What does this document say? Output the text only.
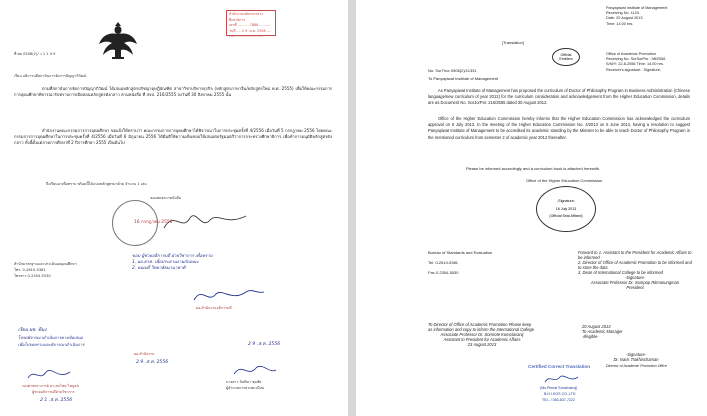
สำนักงานปลัดกระทรวงศึกษาธิการ
เลขที่ .......... 7886 ..........
วันที่ .... 2 9 .ส.ค. 2556 ....
เวลา ........................
ที่ ศธ 0506(2)/ ว 1 1 4 9
เรียน อธิการบดีสถาบันการจัดการปัญญาภิวัฒน์
ตามที่สถาบันการจัดการปัญญาภิวัฒน์ ได้เสนอหลักสูตรปรัชญาดุษฎีบัณฑิต สาขาวิชาบริหารธุรกิจ (หลักสูตรภาษาจีน/หลักสูตรใหม่ พ.ศ. 2555) เพื่อให้คณะกรรมการการอุดมศึกษาพิจารณารับทราบการเปิดสอนหลักสูตรดังกล่าว ตามหนังสือ ที่ สจป. 216/2555 ลงวันที่ 30 สิงหาคม 2555 นั้น
สำนักงานคณะกรรมการการอุดมศึกษา ขอแจ้งให้ทราบว่า คณะกรรมการการอุดมศึกษาได้พิจารณาในการประชุมครั้งที่ 4/2556 เมื่อวันที่ 5 กรกฎาคม 2556 โดยคณะกรรมการการอุดมศึกษาในการประชุมครั้งที่ 4/2556 เมื่อวันที่ 6 มิถุนายน 2556 ได้มีมติให้ความเห็นชอบให้เสนอต่อรัฐมนตรีว่าการกระทรวงศึกษาธิการ เพื่อทำการอนุมัติหลักสูตรดังกล่าว ทั้งนี้ตั้งแต่ภาคการศึกษาที่ 2 ปีการศึกษา 2555 เป็นต้นไป
จึงเรียนมาเพื่อทราบ พร้อมนี้ได้แนบหลักสูตรมาด้วย จำนวน 1 เล่ม
ขอแสดงความนับถือ
16 กรกฎาคม 2556
สำนักมาตรฐานและประเมินผลอุดมศึกษา
โทร. 0-2610-5381
โทรสาร 0-2354-5530
ขอบ ผู้ช่วยอธิการบดี ฝ่ายวิชาการ เพื่อทราบ
1. ผอ.สวท. เพื่อประสานงานกับคณะ
2. คณบดี วิทยาลัยนานาชาติ
ผอ.สำนักงานอธิการบดี
เรียน ผช. ทีมง
โปรดพิจารณาดำเนินการตามข้อเสนอ
เพื่อโปรดทราบและพิจารณาดำเนินการ
ผอ.สำนักงาน
2 9 .ส.ค. 2556
2 9 .ส.ค. 2556
รองศาสตราจารย์ ดร.สมโชค ไพบูลย์
ผู้ช่วยอธิการบดีฝ่ายวิชาการ
2 1 .ส.ค. 2556
นางสาว จันทิมา ชุมชัย
ผู้อำนวยการส่วนทะเบียน
Panyapiwat Institute of Management
Receiving No. 1124
Date: 20 August 2013
Time: 14.00 hrs.
[Translation]
Official
Emblem
Office of Academic Promotion
Receiving No. SorSorPor : 98/2556
S/M/Y: 22-8-2556 Time: 14.00 hrs.
Receiver's signature: -Signature-
No. SorThor 0506(2)/11331
To Panyapiwat Institute of Management
As Panyapiwat Institute of Management has proposed the curriculum of Doctor of Philosophy Program in Business Administration (Chinese language/new curriculum of year 2012) for the curriculum consideration and acknowledgement from the Higher Education Commission, details are as Document No. SorJorPor. 216/2555 dated 30 August 2012.
Office of the Higher Education Commission hereby informs that the Higher Education Commission has acknowledged the curriculum approval on 5 July 2013. In the meeting of the Higher Education Commission No. 4/2013 on 6 June 2013, having a resolution to suggest Panyapiwat Institute of Management to be accredited its academic standing by the Minister to be able to teach Doctor of Philosophy Program in the mentioned curriculum from semester 2 of academic year 2012 thereafter.
Please be informed accordingly and a curriculum book is attached herewith.
Office of the Higher Education Commission
-Signature-
16 July 2013
(Official Seal Affixed)
Bureau of Standards and Evaluation
Tel. 0-2610-5381
Fax 0-2354-5530
Forward to 1. Assistant to the President for Academic Affairs to be informed
2. Director of Office of Academic Promotion to be informed and to store the data
3. Dean of International College to be informed
-Signature-
Associate Professor Dr. Sompop Ritmanungman
President
To Director of Office of Academic Promotion Please keep as information and copy to inform the International College
Associate Professor Dr. Somrote Komolavanij
Assistant to President for Academic Affairs
23 August 2013
20 August 2013
To Academic Manager
-Illegible-
-Signature-
Dr. Naris Trakhinchaman
Director of Academic Promotion Office
Certified Correct Translation
(Ms.Pimrai Somchairoj)
B.H.I.KOS CO.,LTD.
TEL. / 083-837-7222
